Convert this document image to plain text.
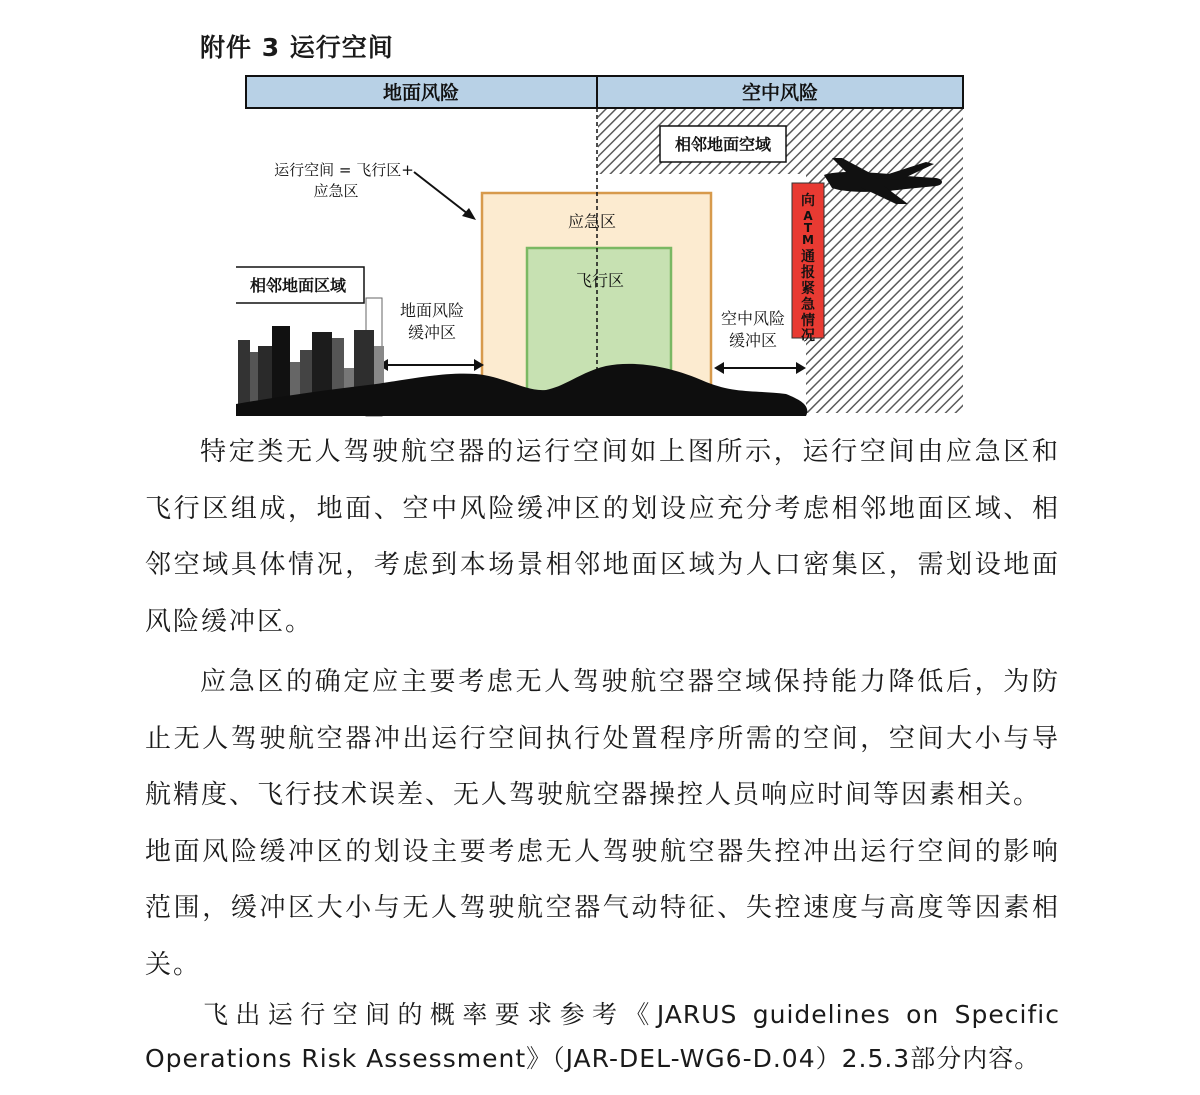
附件 3 运行空间
地面风险	空中风险
相邻地面空域
运行空间 = 飞行区+
应急区
应急区
飞行区
向
A
T
M
通
报
紧
急
情
况
相邻地面区域
地面风险
缓冲区
空中风险
缓冲区

特定类无人驾驶航空器的运行空间如上图所示，运行空间由应急区和飞行区组成，地面、空中风险缓冲区的划设应充分考虑相邻地面区域、相邻空域具体情况，考虑到本场景相邻地面区域为人口密集区，需划设地面风险缓冲区。

应急区的确定应主要考虑无人驾驶航空器空域保持能力降低后，为防止无人驾驶航空器冲出运行空间执行处置程序所需的空间，空间大小与导航精度、飞行技术误差、无人驾驶航空器操控人员响应时间等因素相关。

地面风险缓冲区的划设主要考虑无人驾驶航空器失控冲出运行空间的影响范围，缓冲区大小与无人驾驶航空器气动特征、失控速度与高度等因素相关。

飞出运行空间的概率要求参考《JARUS guidelines on Specific Operations Risk Assessment》（JAR-DEL-WG6-D.04）2.5.3部分内容。
